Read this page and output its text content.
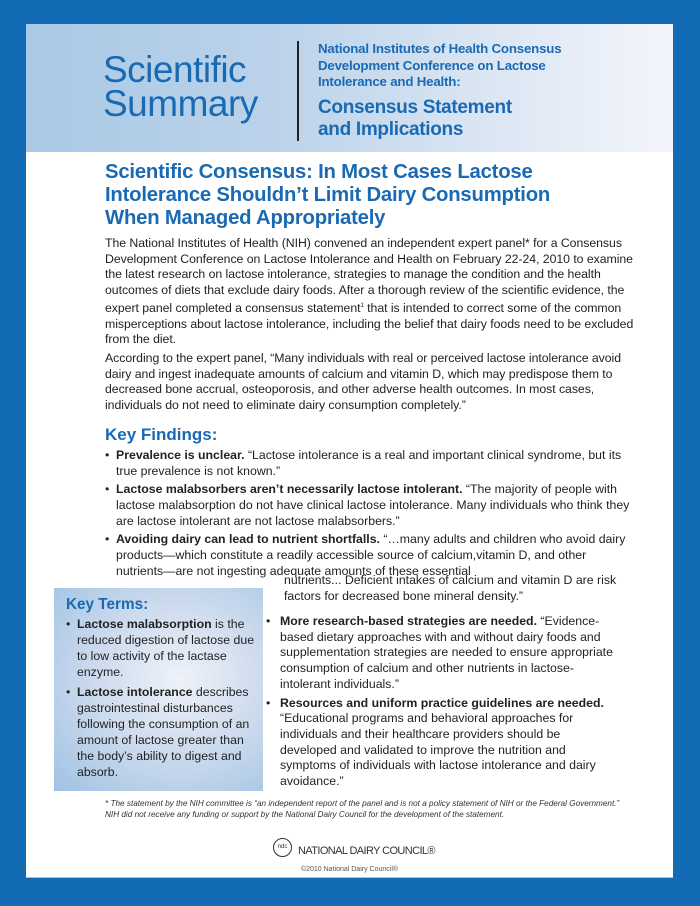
Scientific
Summary
National Institutes of Health Consensus
Development Conference on Lactose
Intolerance and Health:
Consensus Statement
and Implications
Scientific Consensus: In Most Cases Lactose
Intolerance Shouldn’t Limit Dairy Consumption
When Managed Appropriately

The National Institutes of Health (NIH) convened an independent expert panel* for a Consensus Development Conference on Lactose Intolerance and Health on February 22-24, 2010 to examine the latest research on lactose intolerance, strategies to manage the condition and the health outcomes of diets that exclude dairy foods. After a thorough review of the scientific evidence, the expert panel completed a consensus statement$^1$ that is intended to correct some of the common misperceptions about lactose intolerance, including the belief that dairy foods need to be excluded from the diet.

According to the expert panel, “Many individuals with real or perceived lactose intolerance avoid dairy and ingest inadequate amounts of calcium and vitamin D, which may predispose them to decreased bone accrual, osteoporosis, and other adverse health outcomes. In most cases, individuals do not need to eliminate dairy consumption completely.”

Key Findings:
• Prevalence is unclear. “Lactose intolerance is a real and important clinical syndrome, but its true prevalence is not known.”
• Lactose malabsorbers aren’t necessarily lactose intolerant. “The majority of people with lactose malabsorption do not have clinical lactose intolerance. Many individuals who think they are lactose intolerant are not lactose malabsorbers.”
• Avoiding dairy can lead to nutrient shortfalls. “…many adults and children who avoid dairy products—which constitute a readily accessible source of calcium,vitamin D, and other nutrients—are not ingesting adequate amounts of these essential
nutrients... Deficient intakes of calcium and vitamin D are risk factors for decreased bone mineral density.”
• More research-based strategies are needed. “Evidence-based dietary approaches with and without dairy foods and supplementation strategies are needed to ensure appropriate consumption of calcium and other nutrients in lactose-intolerant individuals.”
• Resources and uniform practice guidelines are needed. “Educational programs and behavioral approaches for individuals and their healthcare providers should be developed and validated to improve the nutrition and symptoms of individuals with lactose intolerance and dairy avoidance.”
Key Terms:
• Lactose malabsorption is the reduced digestion of lactose due to low activity of the lactase enzyme.
• Lactose intolerance describes gastrointestinal disturbances following the consumption of an amount of lactose greater than the body’s ability to digest and absorb.
* The statement by the NIH committee is “an independent report of the panel and is not a policy statement of NIH or the Federal Government.” NIH did not receive any funding or support by the National Dairy Council for the development of the statement.
ndc NATIONAL DAIRY COUNCIL®
©2010 National Dairy Council®
